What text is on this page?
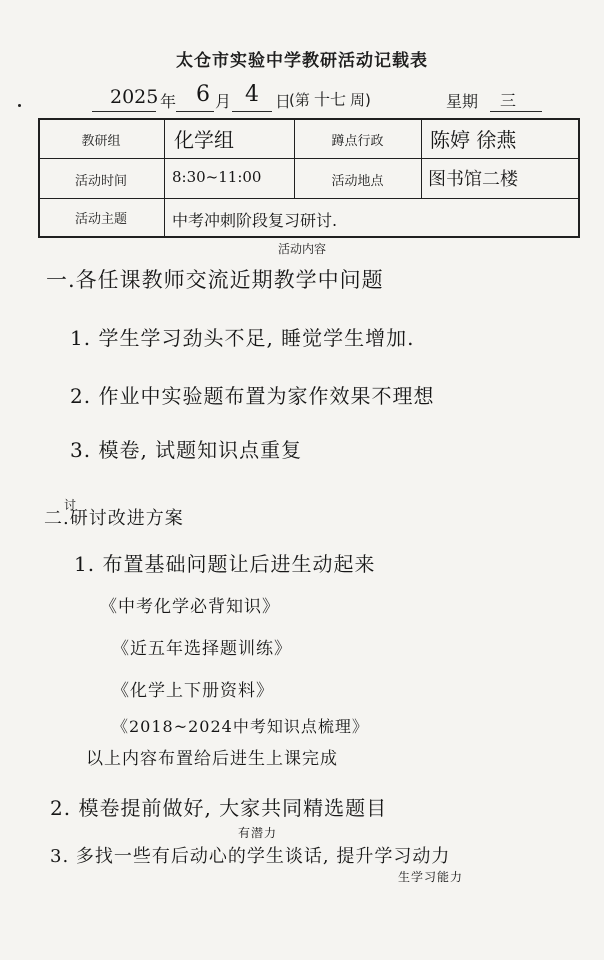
太仓市实验中学教研活动记载表
2025 年 6 月 4 日
(第 十七 周)	星期 三
教研组	化学组	蹲点行政	陈婷 徐燕
活动时间	8:30~11:00	活动地点	图书馆二楼
活动主题	中考冲刺阶段复习研讨.
活动内容
一.各任课教师交流近期教学中问题
1. 学生学习劲头不足, 睡觉学生增加.
2. 作业中实验题布置为家作效果不理想
3. 模卷, 试题知识点重复
讨
二.研讨改进方案
1. 布置基础问题让后进生动起来
《中考化学必背知识》
《近五年选择题训练》
《化学上下册资料》
《2018~2024中考知识点梳理》
以上内容布置给后进生上课完成
2. 模卷提前做好, 大家共同精选题目
有潜力
3. 多找一些有后动心的学生谈话, 提升学习动力
生学习能力
